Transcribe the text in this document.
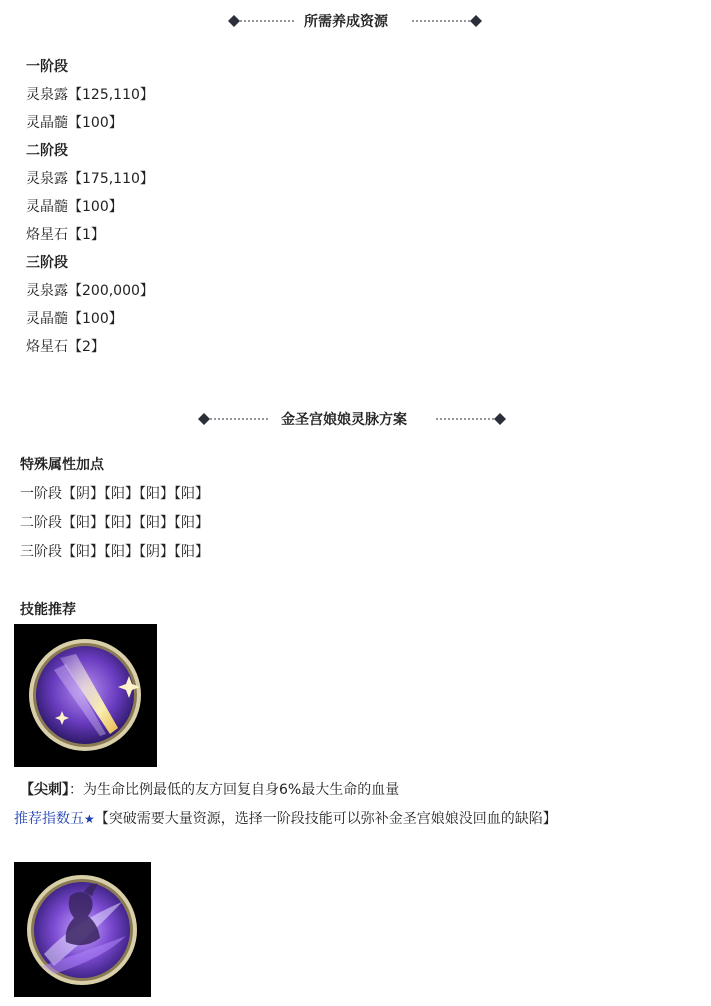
所需养成资源
一阶段
灵泉露【125,110】
灵晶髓【100】
二阶段
灵泉露【175,110】
灵晶髓【100】
烙星石【1】
三阶段
灵泉露【200,000】
灵晶髓【100】
烙星石【2】
金圣宫娘娘灵脉方案
特殊属性加点
一阶段【阴】【阳】【阳】【阳】
二阶段【阳】【阳】【阳】【阳】
三阶段【阳】【阳】【阴】【阳】
技能推荐
【尖刺】：为生命比例最低的友方回复自身6%最大生命的血量
推荐指数五★【突破需要大量资源，选择一阶段技能可以弥补金圣宫娘娘没回血的缺陷】
